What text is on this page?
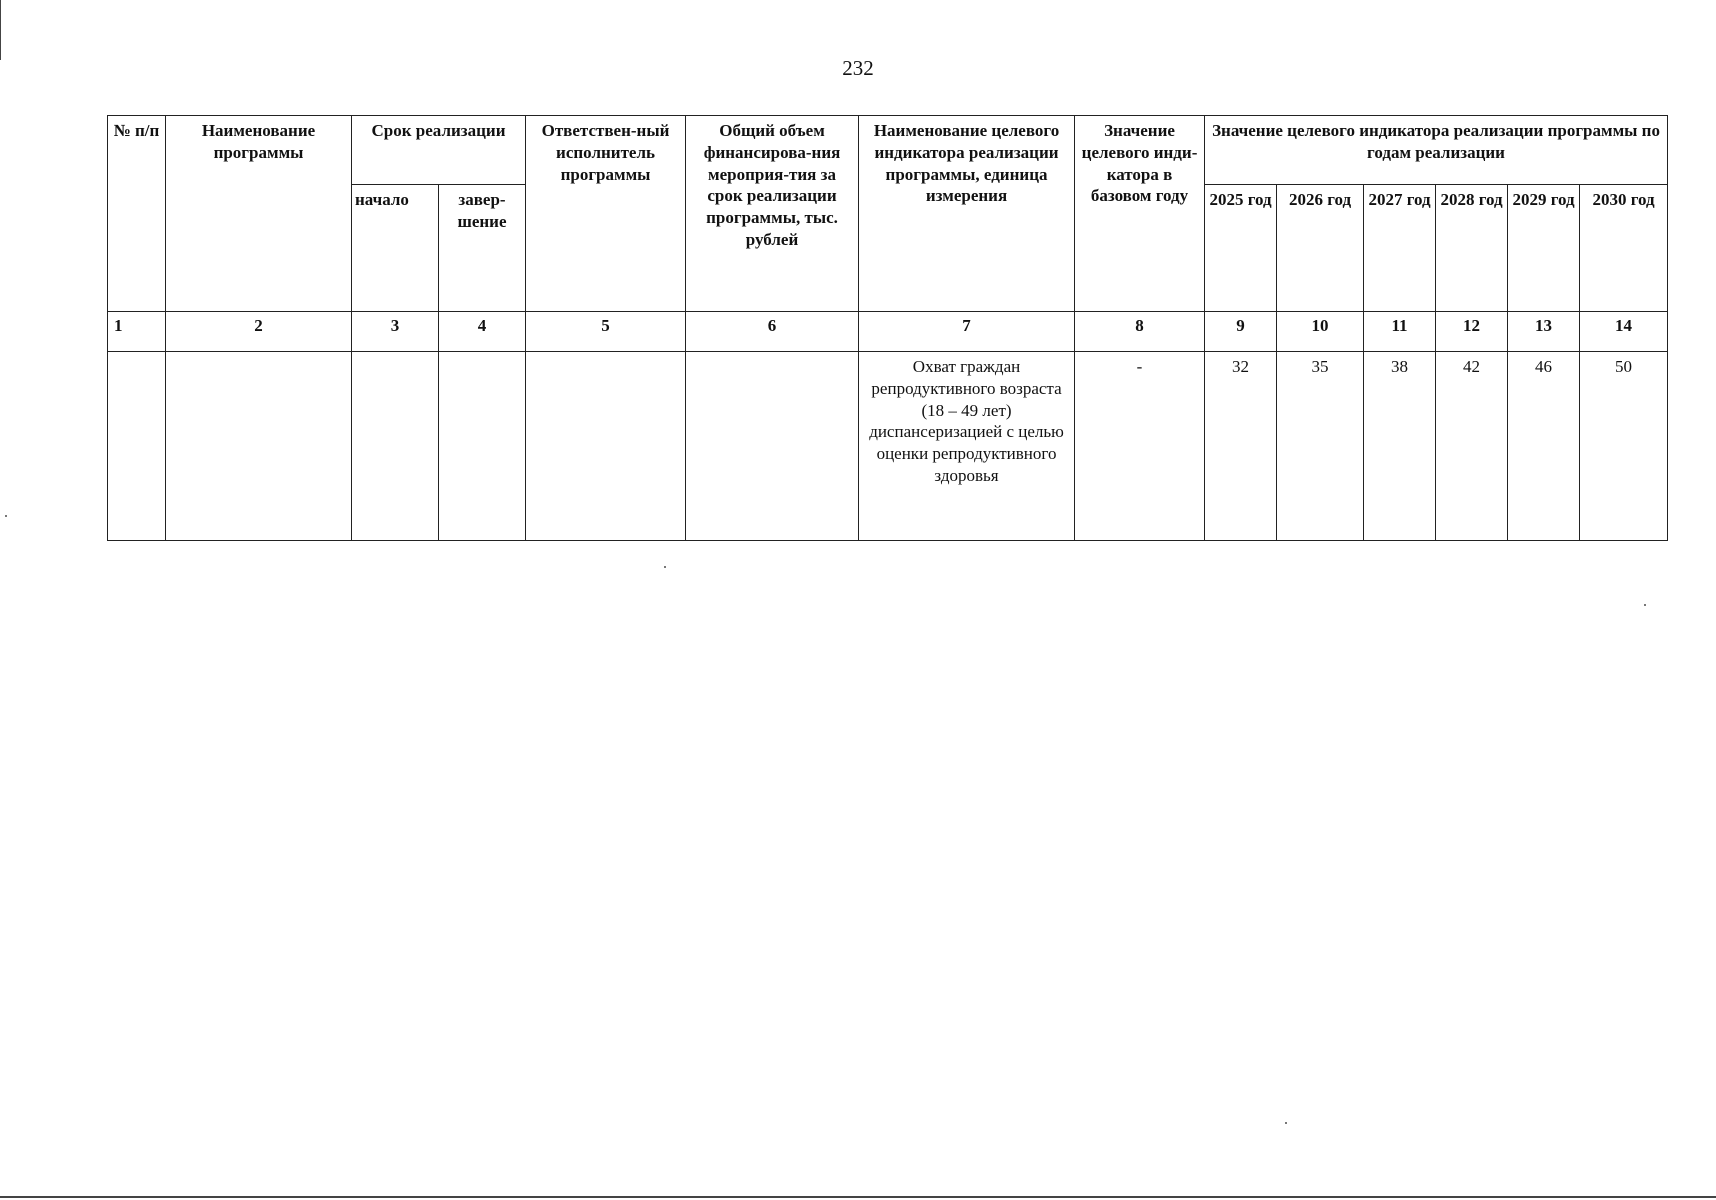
232
№ п/п	Наименование программы	Срок реализации		Ответствен-ный исполнитель программы	Общий объем финансирова-ния мероприя-тия за срок реализации программы, тыс. рублей	Наименование целевого индикатора реализации программы, единица измерения	Значение целевого инди-катора в базовом году	Значение целевого индикатора реализации программы по годам реализации					
		начало	завер-шение					2025 год	2026 год	2027 год	2028 год	2029 год	2030 год
1	2	3	4	5	6	7	8	9	10	11	12	13	14
						Охват граждан репродуктивного возраста (18 – 49 лет) диспансеризацией с целью оценки репродуктивного здоровья	-	32	35	38	42	46	50
